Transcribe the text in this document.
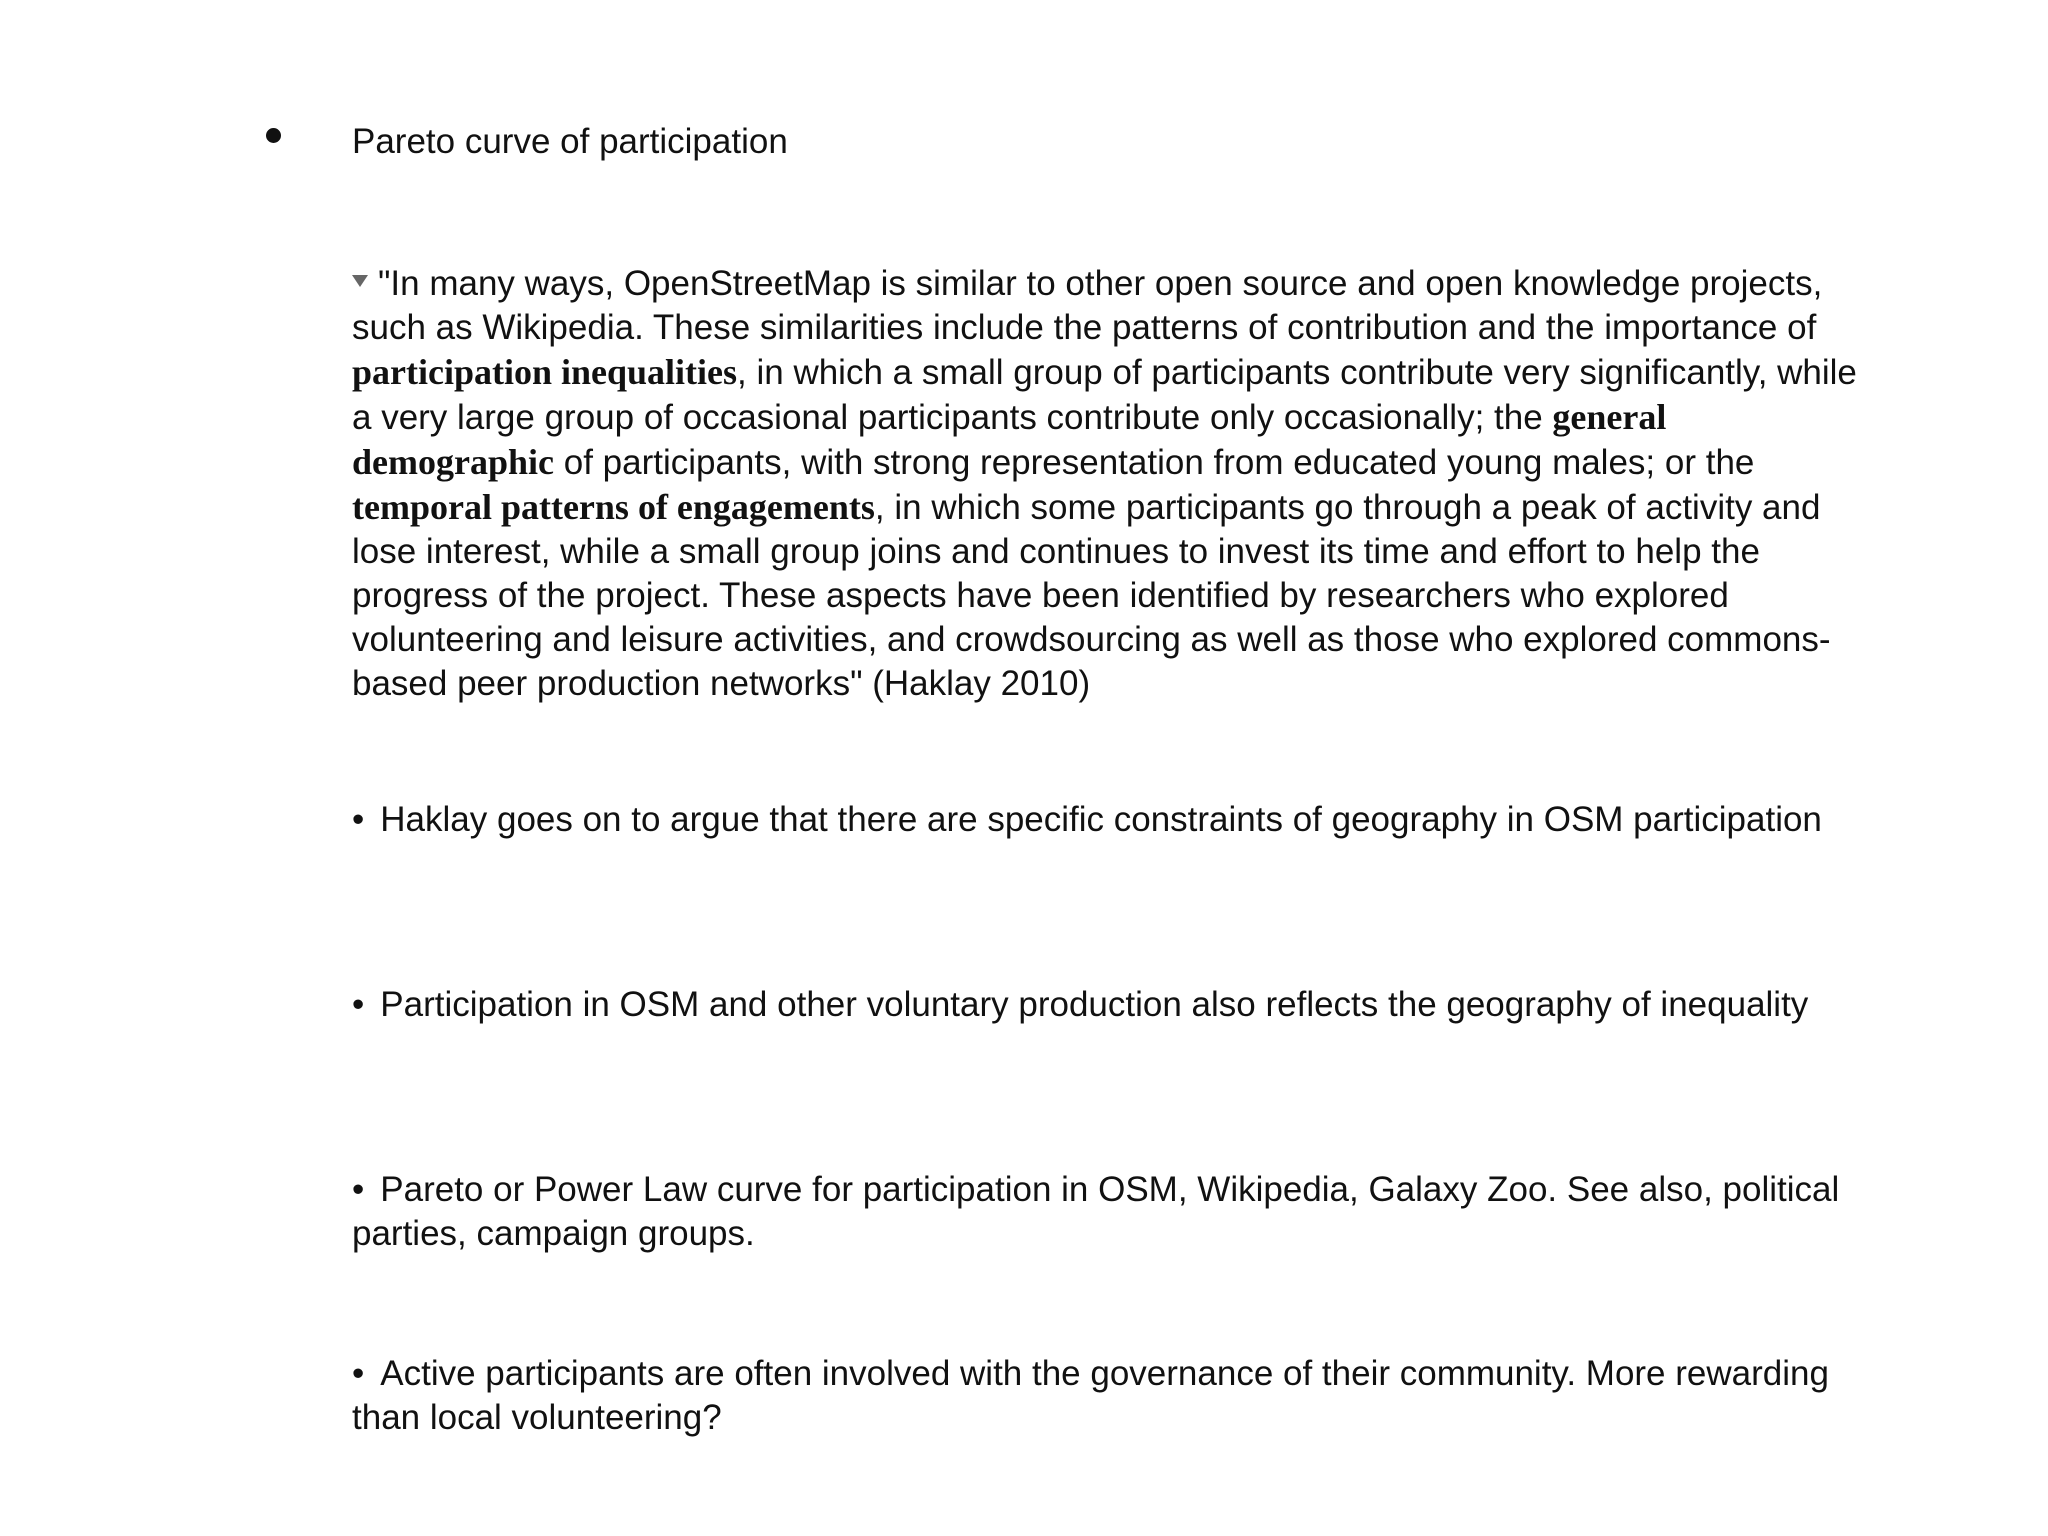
Pareto curve of participation

"In many ways, OpenStreetMap is similar to other open source and open knowledge projects, such as Wikipedia. These similarities include the patterns of contribution and the importance of participation inequalities, in which a small group of participants contribute very significantly, while a very large group of occasional participants contribute only occasionally; the general demographic of participants, with strong representation from educated young males; or the temporal patterns of engagements, in which some participants go through a peak of activity and lose interest, while a small group joins and continues to invest its time and effort to help the progress of the project. These aspects have been identified by researchers who explored volunteering and leisure activities, and crowdsourcing as well as those who explored commons-based peer production networks" (Haklay 2010)

• Haklay goes on to argue that there are specific constraints of geography in OSM participation

• Participation in OSM and other voluntary production also reflects the geography of inequality

• Pareto or Power Law curve for participation in OSM, Wikipedia, Galaxy Zoo. See also, political parties, campaign groups.

• Active participants are often involved with the governance of their community. More rewarding than local volunteering?
